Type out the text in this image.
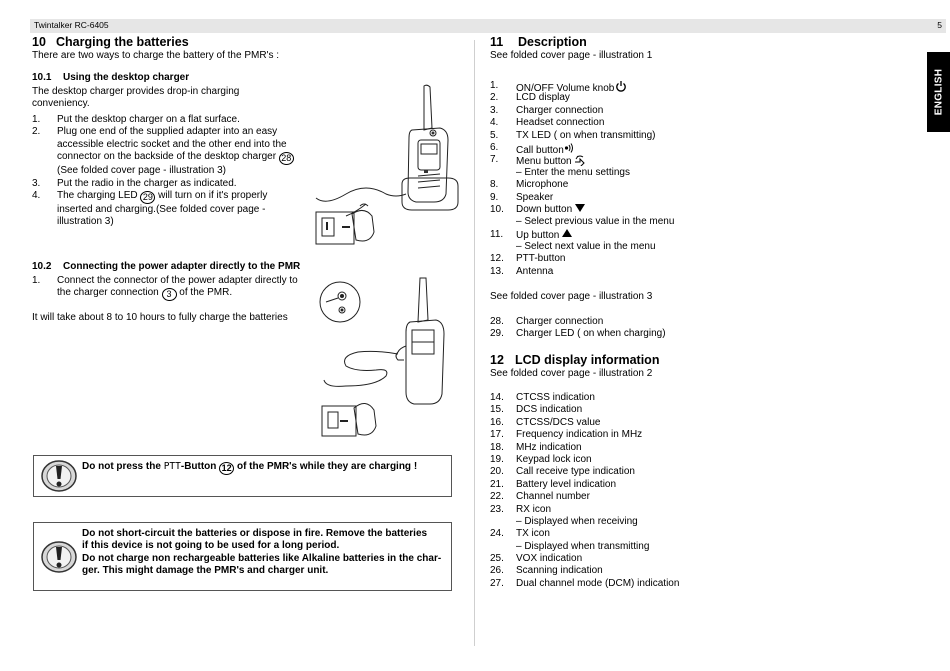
Twintalker RC-6405	5
ENGLISH
10 Charging the batteries
There are two ways to charge the battery of the PMR's :
10.1 Using the desktop charger
The desktop charger provides drop-in charging conveniency.
1. Put the desktop charger on a flat surface.
2. Plug one end of the supplied adapter into an easy accessible electric socket and the other end into the connector on the backside of the desktop charger 28 (See folded cover page - illustration 3)
3. Put the radio in the charger as indicated.
4. The charging LED 29 will turn on if it's properly inserted and charging.(See folded cover page - illustration 3)
10.2 Connecting the power adapter directly to the PMR
1. Connect the connector of the power adapter directly to the charger connection 3 of the PMR.
It will take about 8 to 10 hours to fully charge the batteries
Do not press the PTT-Button 12 of the PMR's while they are charging !
Do not short-circuit the batteries or dispose in fire. Remove the batteries
if this device is not going to be used for a long period.
Do not charge non rechargeable batteries like Alkaline batteries in the char-
ger. This might damage the PMR's and charger unit.
11 Description
See folded cover page - illustration 1
1. ON/OFF Volume knob
2. LCD display
3. Charger connection
4. Headset connection
5. TX LED ( on when transmitting)
6. Call button
7. Menu button
– Enter the menu settings
8. Microphone
9. Speaker
10. Down button
– Select previous value in the menu
11. Up button
– Select next value in the menu
12. PTT-button
13. Antenna
See folded cover page - illustration 3
28. Charger connection
29. Charger LED ( on when charging)
12 LCD display information
See folded cover page - illustration 2
14. CTCSS indication
15. DCS indication
16. CTCSS/DCS value
17. Frequency indication in MHz
18. MHz indication
19. Keypad lock icon
20. Call receive type indication
21. Battery level indication
22. Channel number
23. RX icon
– Displayed when receiving
24. TX icon
– Displayed when transmitting
25. VOX indication
26. Scanning indication
27. Dual channel mode (DCM) indication
